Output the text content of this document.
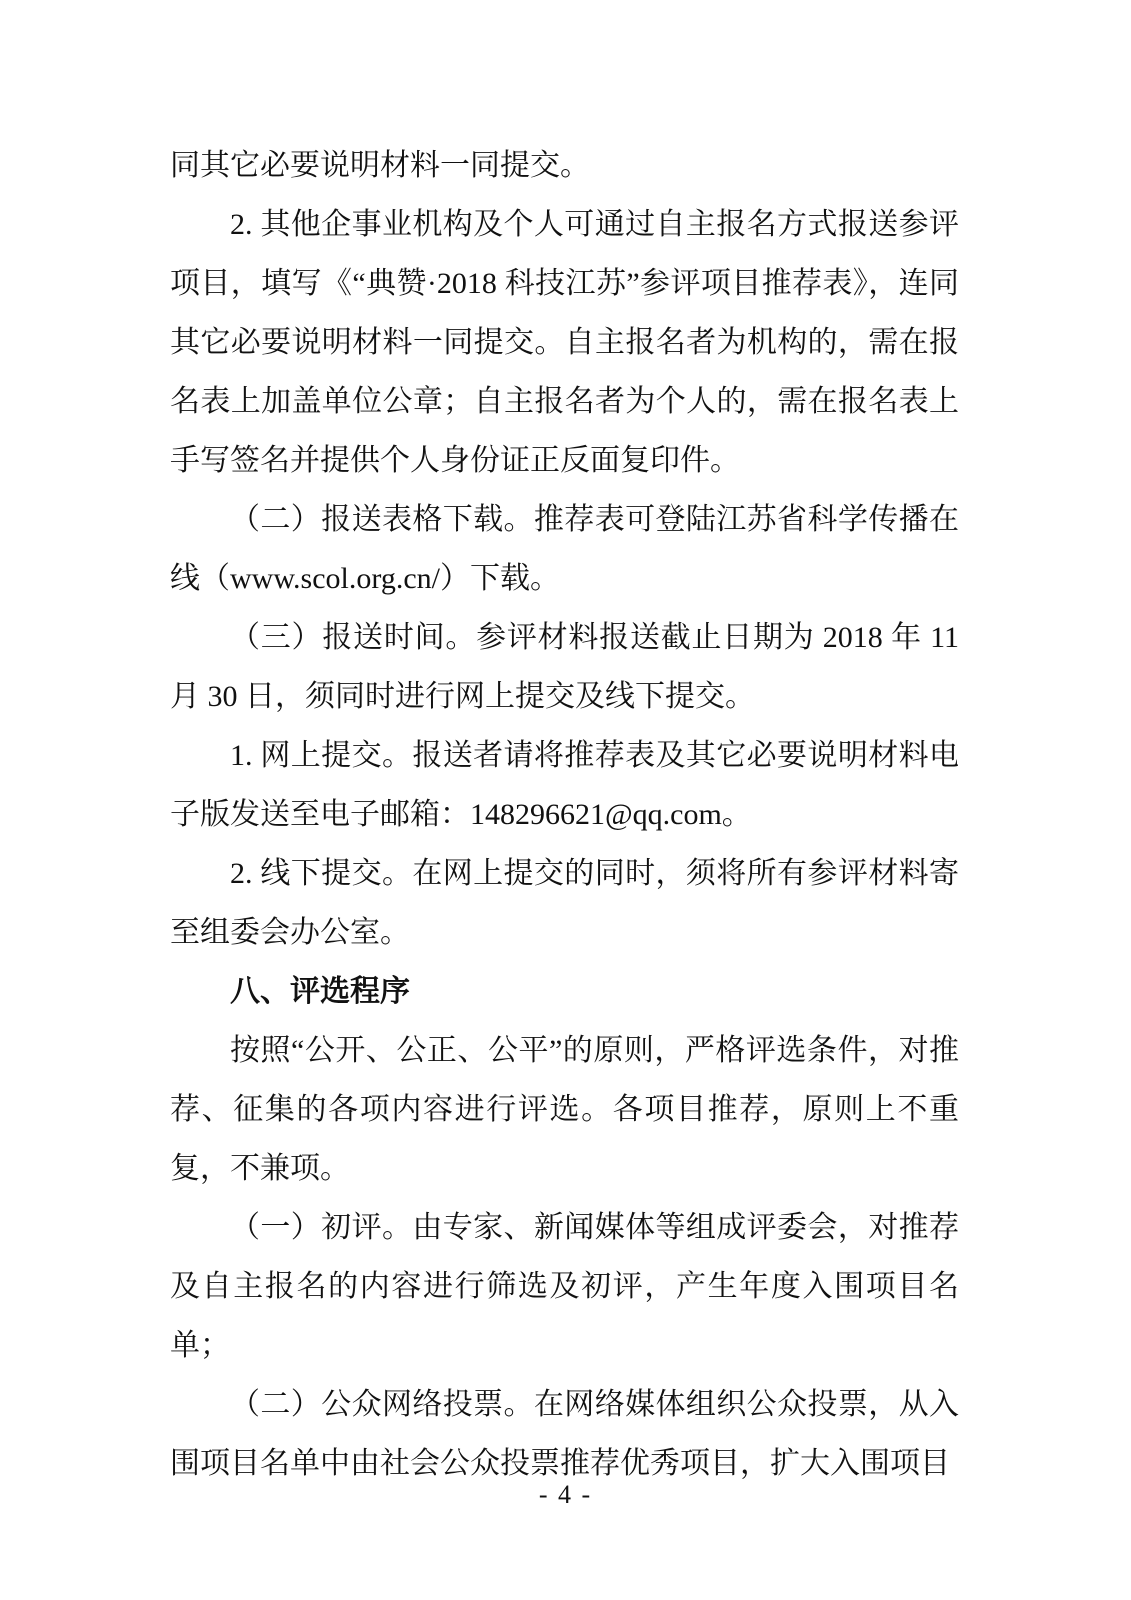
同其它必要说明材料一同提交。

2. 其他企事业机构及个人可通过自主报名方式报送参评项目，填写《“典赞·2018 科技江苏”参评项目推荐表》，连同其它必要说明材料一同提交。自主报名者为机构的，需在报名表上加盖单位公章；自主报名者为个人的，需在报名表上手写签名并提供个人身份证正反面复印件。

（二）报送表格下载。推荐表可登陆江苏省科学传播在线（www.scol.org.cn/）下载。

（三）报送时间。参评材料报送截止日期为 2018 年 11 月 30 日，须同时进行网上提交及线下提交。

1. 网上提交。报送者请将推荐表及其它必要说明材料电子版发送至电子邮箱：148296621@qq.com。

2. 线下提交。在网上提交的同时，须将所有参评材料寄至组委会办公室。

八、评选程序

按照“公开、公正、公平”的原则，严格评选条件，对推荐、征集的各项内容进行评选。各项目推荐，原则上不重复，不兼项。

（一）初评。由专家、新闻媒体等组成评委会，对推荐及自主报名的内容进行筛选及初评，产生年度入围项目名单；

（二）公众网络投票。在网络媒体组织公众投票，从入围项目名单中由社会公众投票推荐优秀项目，扩大入围项目

- 4 -
